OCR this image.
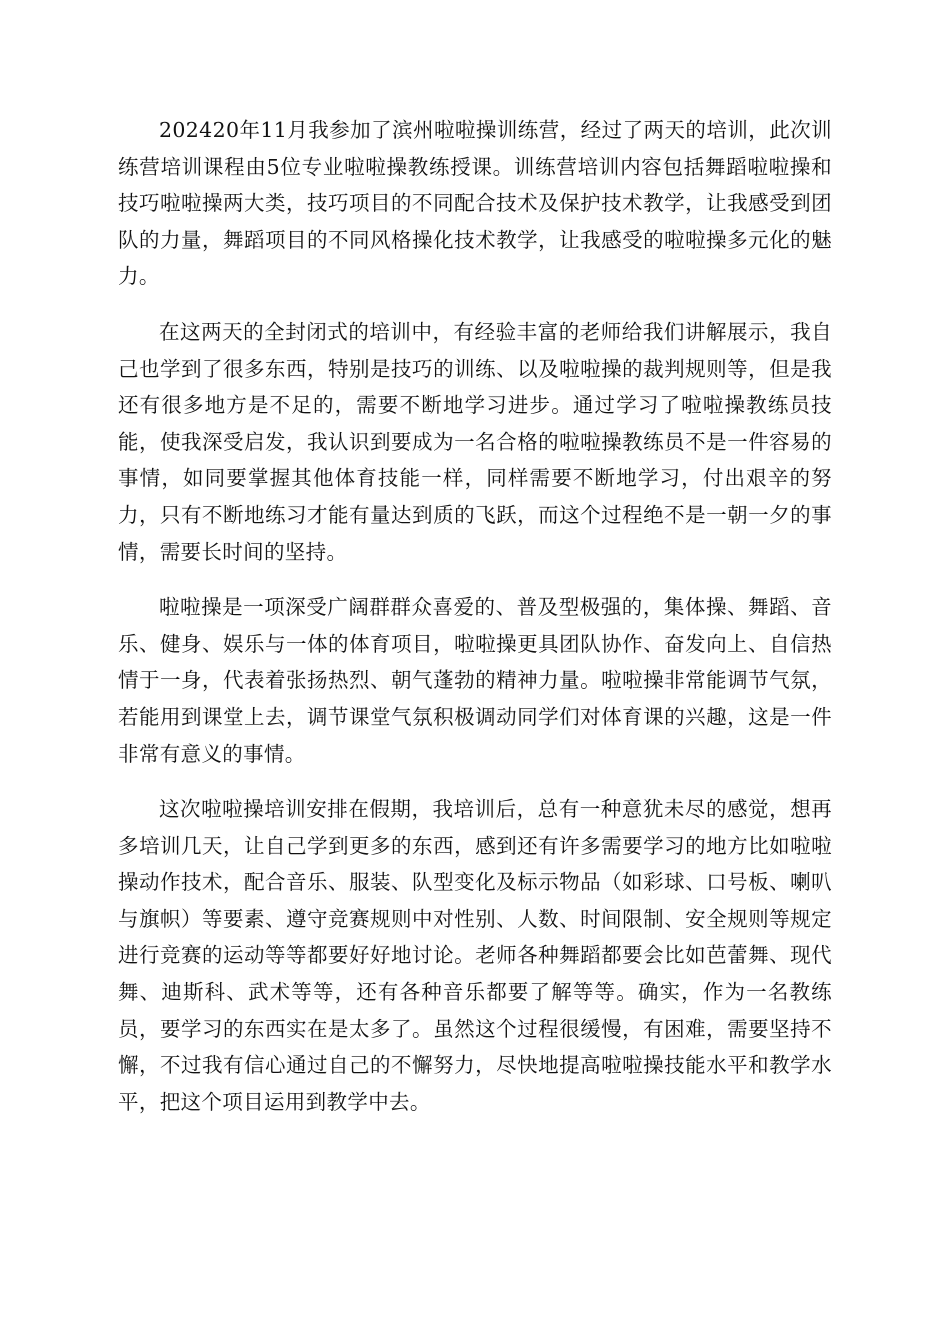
202420年11月我参加了滨州啦啦操训练营，经过了两天的培训，此次训练营培训课程由5位专业啦啦操教练授课。训练营培训内容包括舞蹈啦啦操和技巧啦啦操两大类，技巧项目的不同配合技术及保护技术教学，让我感受到团队的力量，舞蹈项目的不同风格操化技术教学，让我感受的啦啦操多元化的魅力。

在这两天的全封闭式的培训中，有经验丰富的老师给我们讲解展示，我自己也学到了很多东西，特别是技巧的训练、以及啦啦操的裁判规则等，但是我还有很多地方是不足的，需要不断地学习进步。通过学习了啦啦操教练员技能，使我深受启发，我认识到要成为一名合格的啦啦操教练员不是一件容易的事情，如同要掌握其他体育技能一样，同样需要不断地学习，付出艰辛的努力，只有不断地练习才能有量达到质的飞跃，而这个过程绝不是一朝一夕的事情，需要长时间的坚持。

啦啦操是一项深受广阔群群众喜爱的、普及型极强的，集体操、舞蹈、音乐、健身、娱乐与一体的体育项目，啦啦操更具团队协作、奋发向上、自信热情于一身，代表着张扬热烈、朝气蓬勃的精神力量。啦啦操非常能调节气氛，若能用到课堂上去，调节课堂气氛积极调动同学们对体育课的兴趣，这是一件非常有意义的事情。

这次啦啦操培训安排在假期，我培训后，总有一种意犹未尽的感觉，想再多培训几天，让自己学到更多的东西，感到还有许多需要学习的地方比如啦啦操动作技术，配合音乐、服装、队型变化及标示物品（如彩球、口号板、喇叭与旗帜）等要素、遵守竞赛规则中对性别、人数、时间限制、安全规则等规定进行竞赛的运动等等都要好好地讨论。老师各种舞蹈都要会比如芭蕾舞、现代舞、迪斯科、武术等等，还有各种音乐都要了解等等。确实，作为一名教练员，要学习的东西实在是太多了。虽然这个过程很缓慢，有困难，需要坚持不懈，不过我有信心通过自己的不懈努力，尽快地提高啦啦操技能水平和教学水平，把这个项目运用到教学中去。
